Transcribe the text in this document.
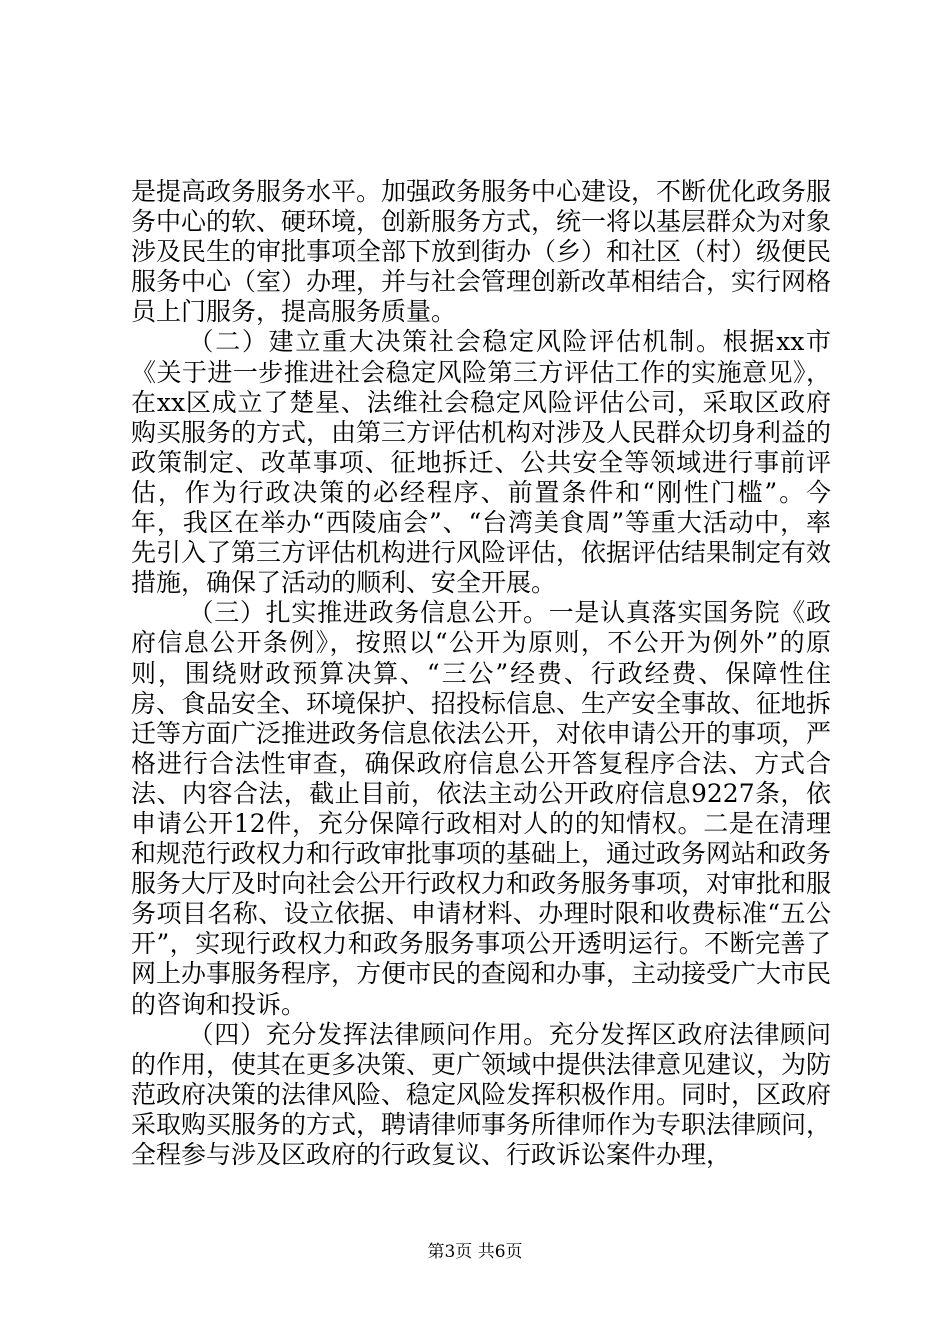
是提高政务服务水平。加强政务服务中心建设，不断优化政务服务中心的软、硬环境，创新服务方式，统一将以基层群众为对象涉及民生的审批事项全部下放到街办（乡）和社区（村）级便民服务中心（室）办理，并与社会管理创新改革相结合，实行网格员上门服务，提高服务质量。

（二）建立重大决策社会稳定风险评估机制。根据xx市《关于进一步推进社会稳定风险第三方评估工作的实施意见》，在xx区成立了楚星、法维社会稳定风险评估公司，采取区政府购买服务的方式，由第三方评估机构对涉及人民群众切身利益的政策制定、改革事项、征地拆迁、公共安全等领域进行事前评估，作为行政决策的必经程序、前置条件和“刚性门槛”。今年，我区在举办“西陵庙会”、“台湾美食周”等重大活动中，率先引入了第三方评估机构进行风险评估，依据评估结果制定有效措施，确保了活动的顺利、安全开展。

（三）扎实推进政务信息公开。一是认真落实国务院《政府信息公开条例》，按照以“公开为原则，不公开为例外”的原则，围绕财政预算决算、“三公”经费、行政经费、保障性住房、食品安全、环境保护、招投标信息、生产安全事故、征地拆迁等方面广泛推进政务信息依法公开，对依申请公开的事项，严格进行合法性审查，确保政府信息公开答复程序合法、方式合法、内容合法，截止目前，依法主动公开政府信息9227条，依申请公开12件，充分保障行政相对人的的知情权。二是在清理和规范行政权力和行政审批事项的基础上，通过政务网站和政务服务大厅及时向社会公开行政权力和政务服务事项，对审批和服务项目名称、设立依据、申请材料、办理时限和收费标准“五公开”，实现行政权力和政务服务事项公开透明运行。不断完善了网上办事服务程序，方便市民的查阅和办事，主动接受广大市民的咨询和投诉。

（四）充分发挥法律顾问作用。充分发挥区政府法律顾问的作用，使其在更多决策、更广领域中提供法律意见建议，为防范政府决策的法律风险、稳定风险发挥积极作用。同时，区政府采取购买服务的方式，聘请律师事务所律师作为专职法律顾问，全程参与涉及区政府的行政复议、行政诉讼案件办理，

第3页 共6页
